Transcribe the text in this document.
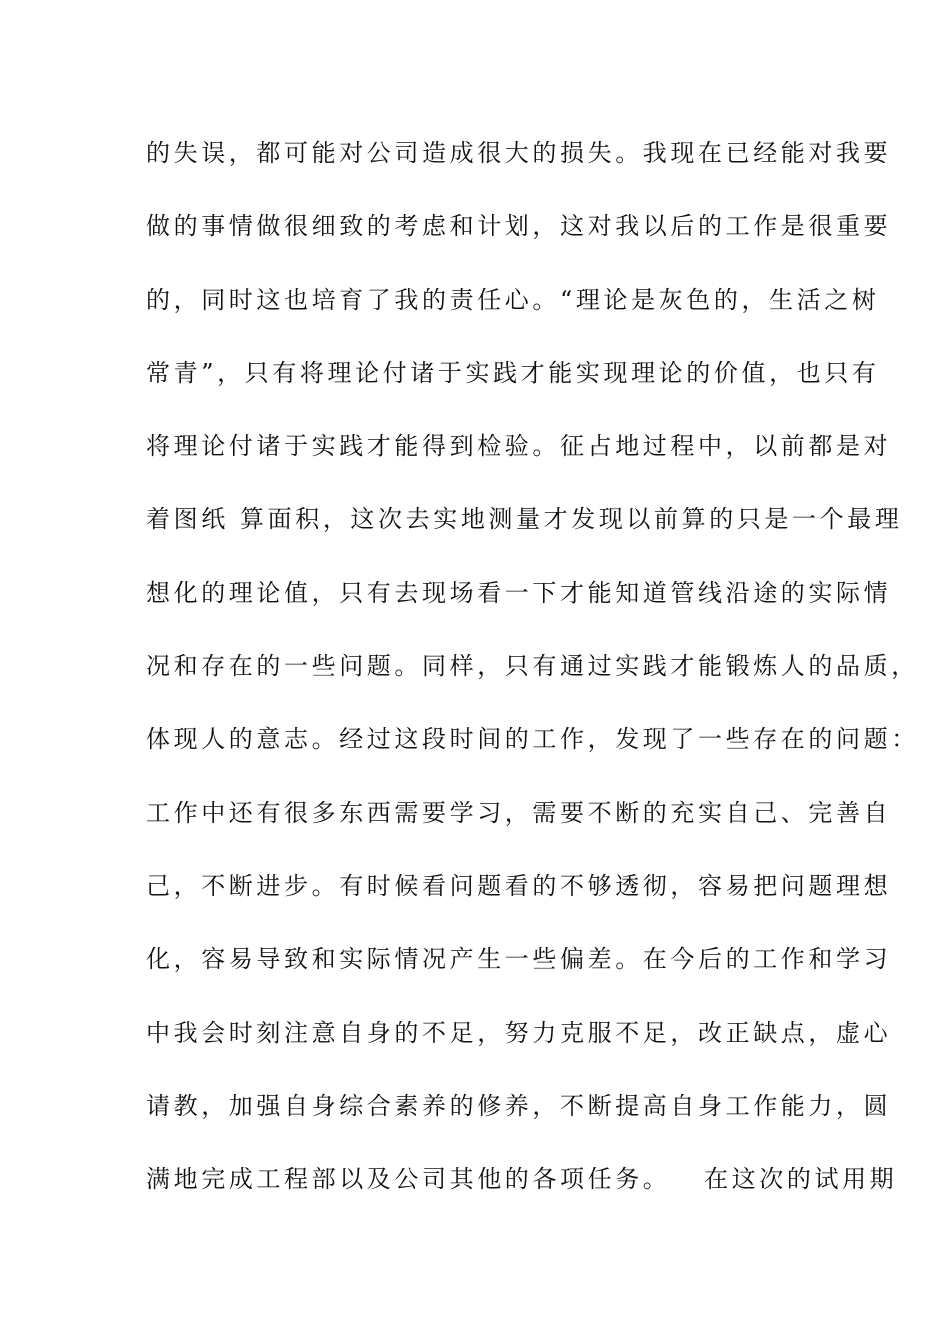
的失误，都可能对公司造成很大的损失。我现在已经能对我要
做的事情做很细致的考虑和计划，这对我以后的工作是很重要
的，同时这也培育了我的责任心。“理论是灰色的，生活之树
常青”，只有将理论付诸于实践才能实现理论的价值，也只有
将理论付诸于实践才能得到检验。征占地过程中，以前都是对
着图纸 算面积，这次去实地测量才发现以前算的只是一个最理
想化的理论值，只有去现场看一下才能知道管线沿途的实际情
况和存在的一些问题。同样，只有通过实践才能锻炼人的品质，
体现人的意志。经过这段时间的工作，发现了一些存在的问题：
工作中还有很多东西需要学习，需要不断的充实自己、完善自
己，不断进步。有时候看问题看的不够透彻，容易把问题理想
化，容易导致和实际情况产生一些偏差。在今后的工作和学习
中我会时刻注意自身的不足，努力克服不足，改正缺点，虚心
请教，加强自身综合素养的修养，不断提高自身工作能力，圆
满地完成工程部以及公司其他的各项任务。   在这次的试用期
